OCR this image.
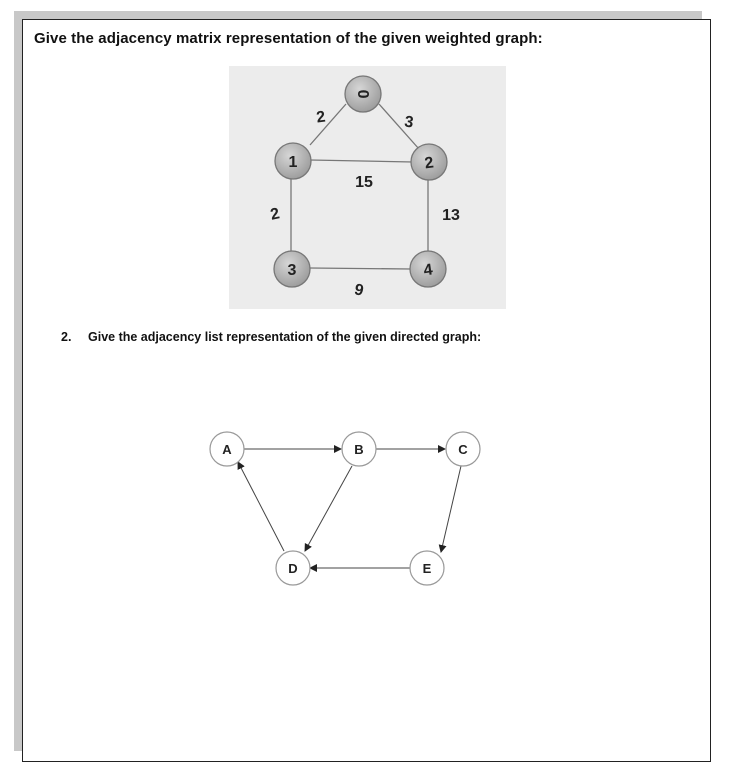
Give the adjacency matrix representation of the given weighted graph:
2	3
15
2	13
9
0
1	2
3	4
2. Give the adjacency list representation of the given directed graph:
A	B	C
D	E
